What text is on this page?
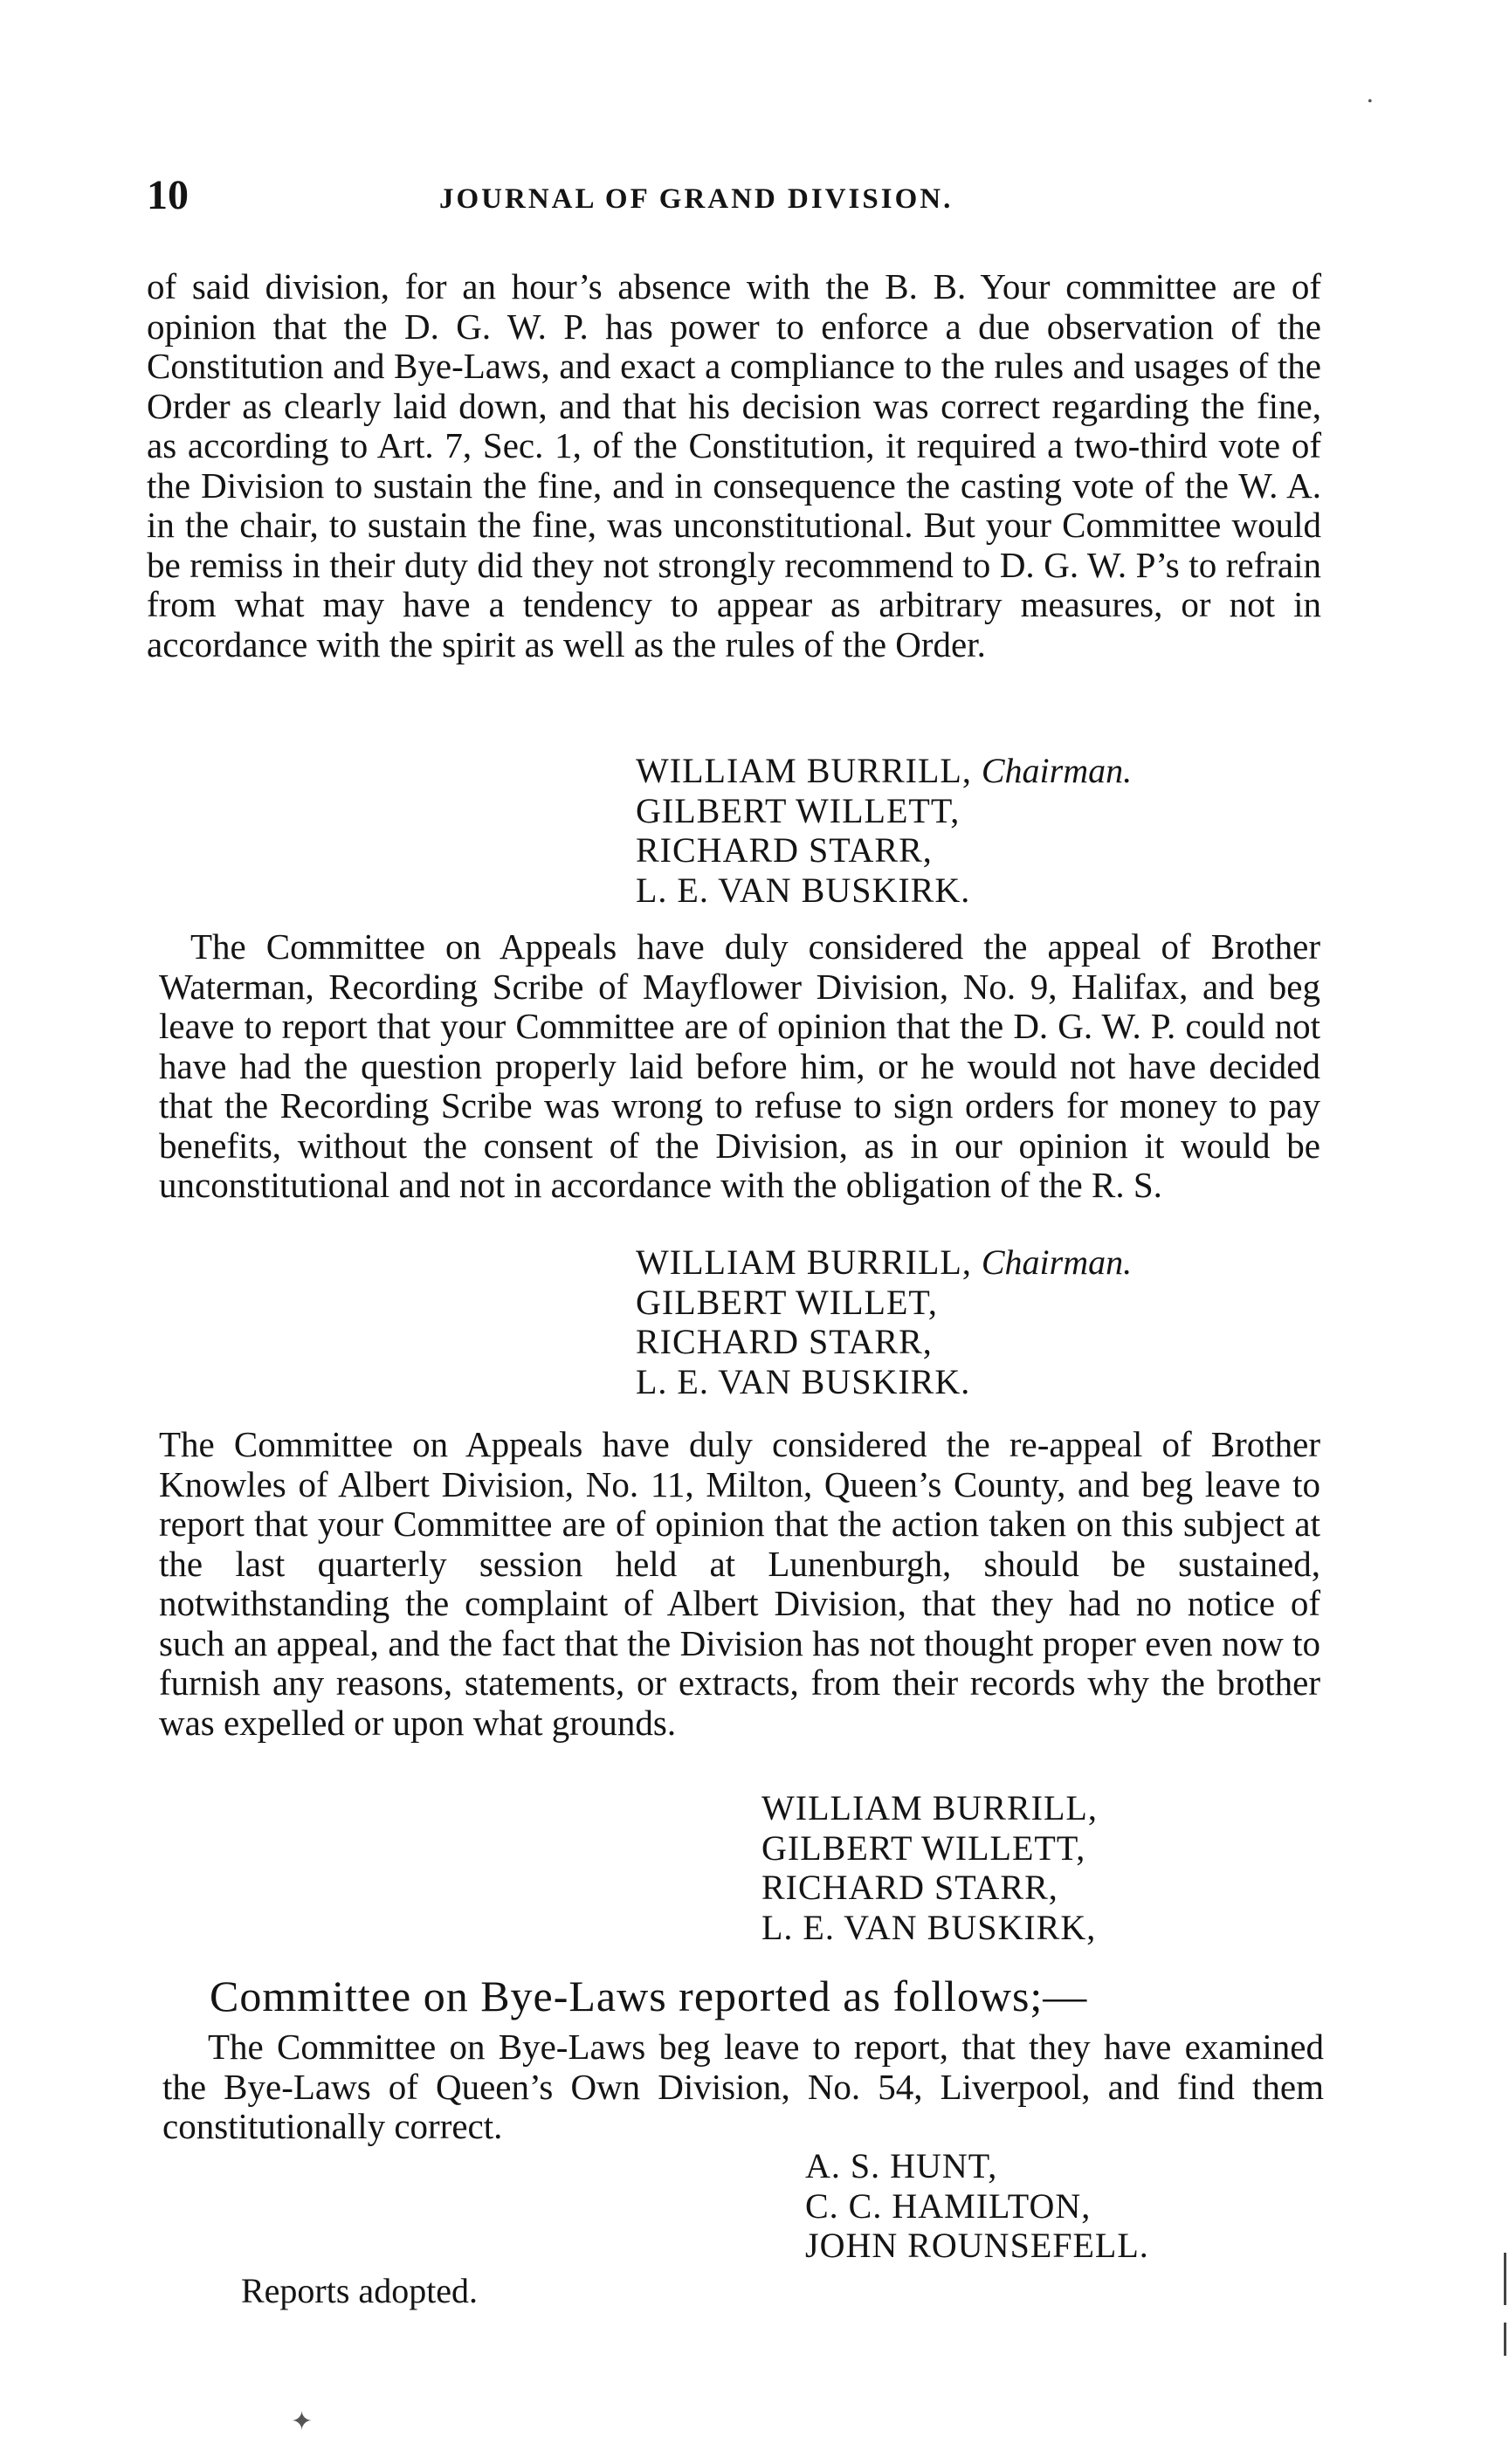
10	JOURNAL OF GRAND DIVISION.

of said division, for an hour’s absence with the B. B. Your committee are of opinion that the D. G. W. P. has power to enforce a due observation of the Constitution and Bye-Laws, and exact a compliance to the rules and usages of the Order as clearly laid down, and that his decision was correct regarding the fine, as according to Art. 7, Sec. 1, of the Constitution, it required a two-third vote of the Division to sustain the fine, and in consequence the casting vote of the W. A. in the chair, to sustain the fine, was unconstitutional. But your Committee would be remiss in their duty did they not strongly recommend to D. G. W. P’s to refrain from what may have a tendency to appear as arbitrary measures, or not in accordance with the spirit as well as the rules of the Order.

WILLIAM BURRILL, Chairman.
GILBERT WILLETT,
RICHARD STARR,
L. E. VAN BUSKIRK.

The Committee on Appeals have duly considered the appeal of Brother Waterman, Recording Scribe of Mayflower Division, No. 9, Halifax, and beg leave to report that your Committee are of opinion that the D. G. W. P. could not have had the question properly laid before him, or he would not have decided that the Recording Scribe was wrong to refuse to sign orders for money to pay benefits, without the consent of the Division, as in our opinion it would be unconstitutional and not in accordance with the obligation of the R. S.

WILLIAM BURRILL, Chairman.
GILBERT WILLET,
RICHARD STARR,
L. E. VAN BUSKIRK.

The Committee on Appeals have duly considered the re-appeal of Brother Knowles of Albert Division, No. 11, Milton, Queen’s County, and beg leave to report that your Committee are of opinion that the action taken on this subject at the last quarterly session held at Lunenburgh, should be sustained, notwithstanding the complaint of Albert Division, that they had no notice of such an appeal, and the fact that the Division has not thought proper even now to furnish any reasons, statements, or extracts, from their records why the brother was expelled or upon what grounds.

WILLIAM BURRILL,
GILBERT WILLETT,
RICHARD STARR,
L. E. VAN BUSKIRK,
Committee on Bye-Laws reported as follows;—

The Committee on Bye-Laws beg leave to report, that they have examined the Bye-Laws of Queen’s Own Division, No. 54, Liverpool, and find them constitutionally correct.

A. S. HUNT,
C. C. HAMILTON,
JOHN ROUNSEFELL.
Reports adopted.
✦
•
